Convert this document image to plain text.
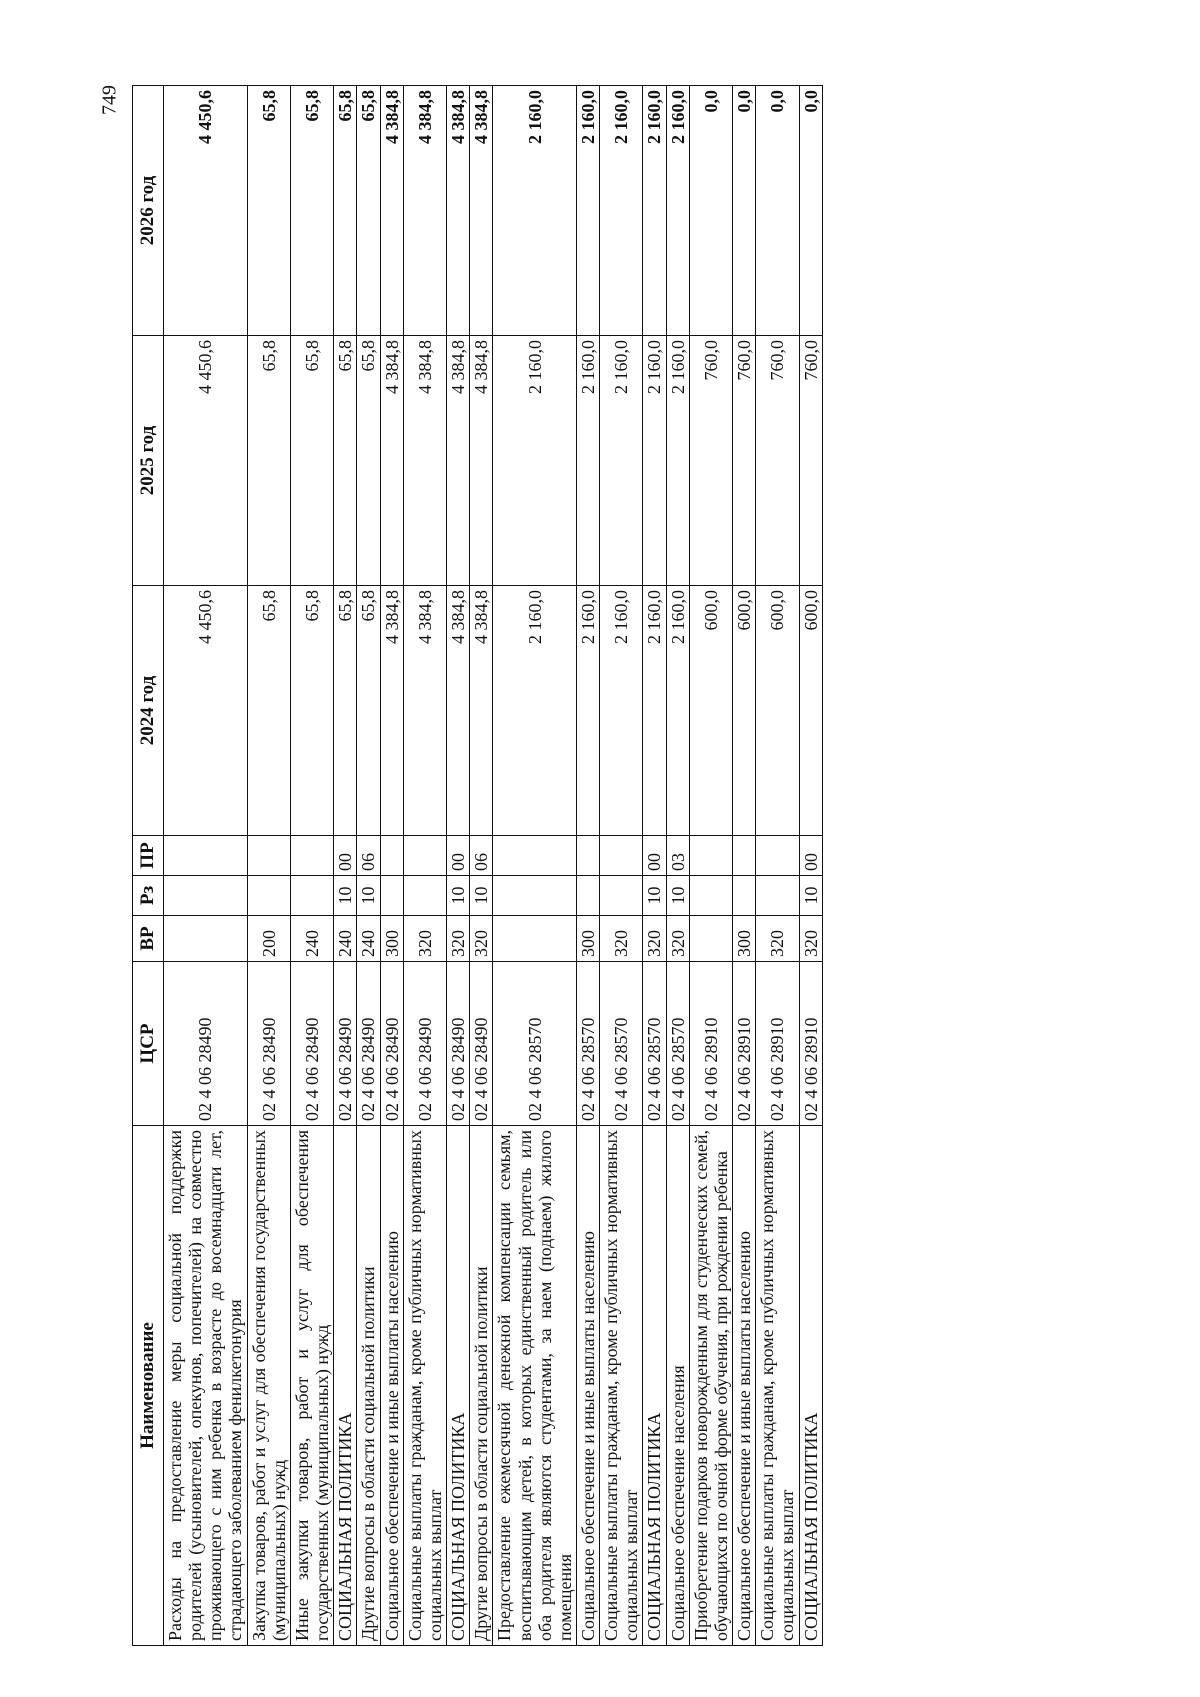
749
Наименование	ЦСР	ВР	Рз	ПР	2024 год	2025 год	2026 год
Расходы на предоставление меры социальной поддержки родителей (усыновителей, опекунов, попечителей) на совместно проживающего с ним ребенка в возрасте до восемнадцати лет, страдающего заболеванием фенилкетонурия	02 4 06 28490				4 450,6	4 450,6	4 450,6
Закупка товаров, работ и услуг для обеспечения государственных (муниципальных) нужд	02 4 06 28490	200			65,8	65,8	65,8
Иные закупки товаров, работ и услуг для обеспечения государственных (муниципальных) нужд	02 4 06 28490	240			65,8	65,8	65,8
СОЦИАЛЬНАЯ ПОЛИТИКА	02 4 06 28490	240	10	00	65,8	65,8	65,8
Другие вопросы в области социальной политики	02 4 06 28490	240	10	06	65,8	65,8	65,8
Социальное обеспечение и иные выплаты населению	02 4 06 28490	300			4 384,8	4 384,8	4 384,8
Социальные выплаты гражданам, кроме публичных нормативных социальных выплат	02 4 06 28490	320			4 384,8	4 384,8	4 384,8
СОЦИАЛЬНАЯ ПОЛИТИКА	02 4 06 28490	320	10	00	4 384,8	4 384,8	4 384,8
Другие вопросы в области социальной политики	02 4 06 28490	320	10	06	4 384,8	4 384,8	4 384,8
Предоставление ежемесячной денежной компенсации семьям, воспитывающим детей, в которых единственный родитель или оба родителя являются студентами, за наем (поднаем) жилого помещения	02 4 06 28570				2 160,0	2 160,0	2 160,0
Социальное обеспечение и иные выплаты населению	02 4 06 28570	300			2 160,0	2 160,0	2 160,0
Социальные выплаты гражданам, кроме публичных нормативных социальных выплат	02 4 06 28570	320			2 160,0	2 160,0	2 160,0
СОЦИАЛЬНАЯ ПОЛИТИКА	02 4 06 28570	320	10	00	2 160,0	2 160,0	2 160,0
Социальное обеспечение населения	02 4 06 28570	320	10	03	2 160,0	2 160,0	2 160,0
Приобретение подарков новорожденным для студенческих семей, обучающихся по очной форме обучения, при рождении ребенка	02 4 06 28910				600,0	760,0	0,0
Социальное обеспечение и иные выплаты населению	02 4 06 28910	300			600,0	760,0	0,0
Социальные выплаты гражданам, кроме публичных нормативных социальных выплат	02 4 06 28910	320			600,0	760,0	0,0
СОЦИАЛЬНАЯ ПОЛИТИКА	02 4 06 28910	320	10	00	600,0	760,0	0,0
